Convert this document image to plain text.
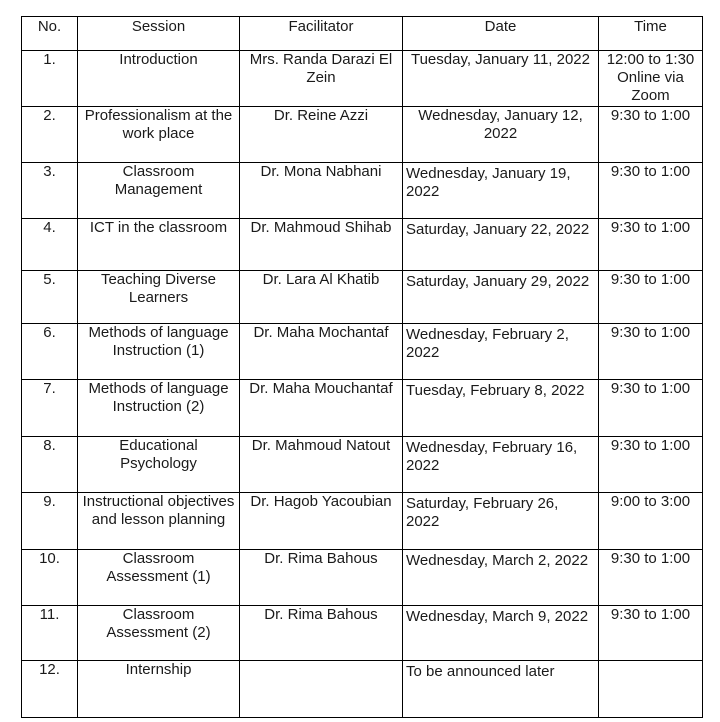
No.	Session	Facilitator	Date	Time
1.	Introduction	Mrs. Randa Darazi El Zein	Tuesday, January 11, 2022	12:00 to 1:30 Online via Zoom
2.	Professionalism at the work place	Dr. Reine Azzi	Wednesday, January 12, 2022	9:30 to 1:00
3.	Classroom Management	Dr. Mona Nabhani	Wednesday, January 19, 2022	9:30 to 1:00
4.	ICT in the classroom	Dr. Mahmoud Shihab	Saturday, January 22, 2022	9:30 to 1:00
5.	Teaching Diverse Learners	Dr. Lara Al Khatib	Saturday, January 29, 2022	9:30 to 1:00
6.	Methods of language Instruction (1)	Dr. Maha Mochantaf	Wednesday, February 2, 2022	9:30 to 1:00
7.	Methods of language Instruction (2)	Dr. Maha Mouchantaf	Tuesday, February 8, 2022	9:30 to 1:00
8.	Educational Psychology	Dr. Mahmoud Natout	Wednesday, February 16, 2022	9:30 to 1:00
9.	Instructional objectives and lesson planning	Dr. Hagob Yacoubian	Saturday, February 26, 2022	9:00 to 3:00
10.	Classroom Assessment (1)	Dr. Rima Bahous	Wednesday, March 2, 2022	9:30 to 1:00
11.	Classroom Assessment (2)	Dr. Rima Bahous	Wednesday, March 9, 2022	9:30 to 1:00
12.	Internship		To be announced later	
